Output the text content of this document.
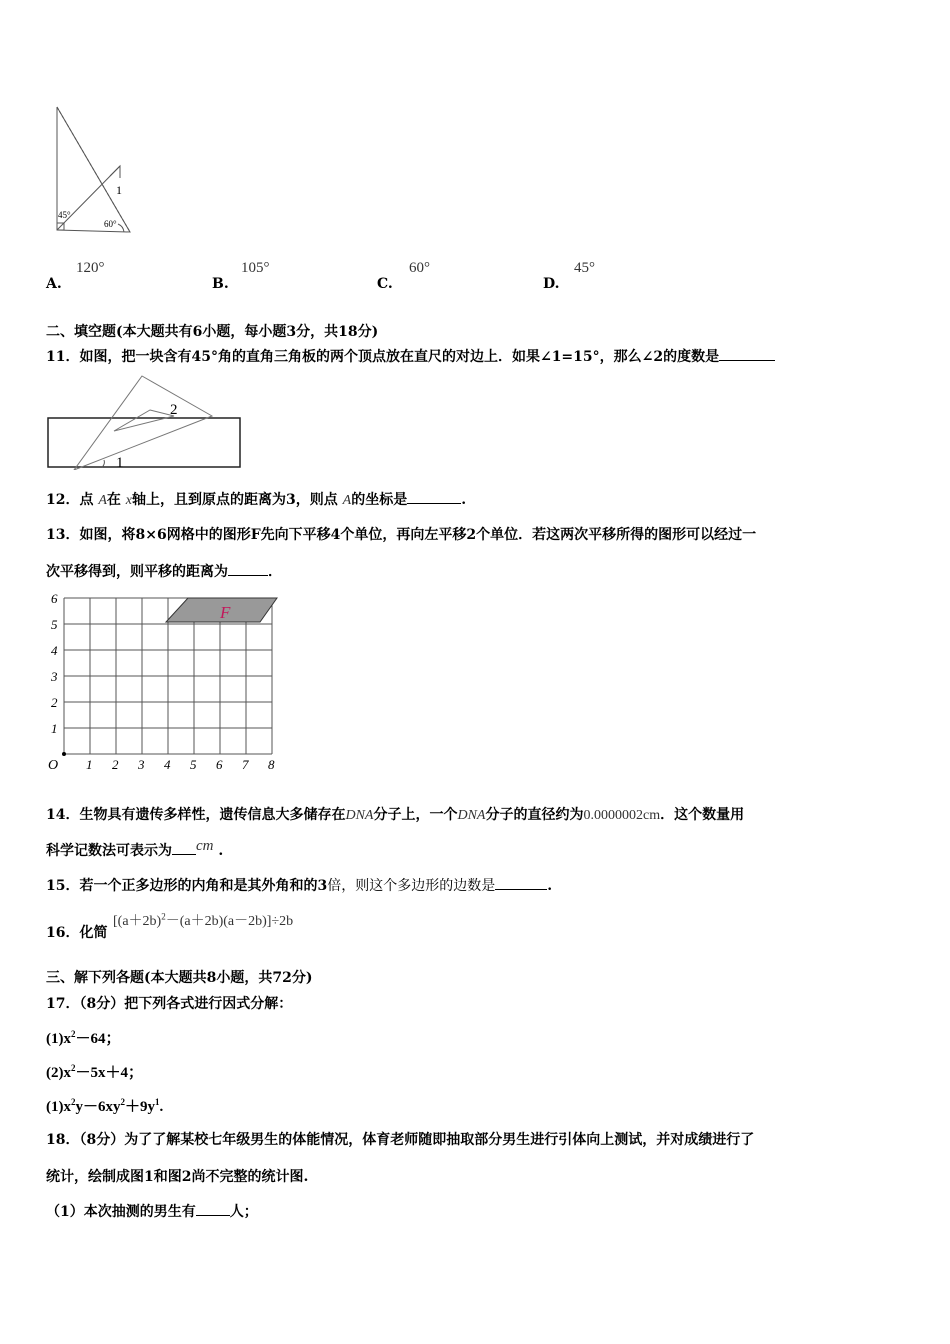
1
45°
60°
A.
120°
B.
105°
C.
60°
D.
45°
二、填空题(本大题共有6小题，每小题3分，共18分)
11．如图，把一块含有45°角的直角三角板的两个顶点放在直尺的对边上．如果∠1=15°，那么∠2的度数是
2
1
12．点 A在 x轴上，且到原点的距离为3，则点 A的坐标是	.
13．如图，将8×6网格中的图形F先向下平移4个单位，再向左平移2个单位．若这两次平移所得的图形可以经过一
次平移得到，则平移的距离为	．
F
O 1 2 3 4 5 6 7 8
1
2
3
4
5
6
14．生物具有遗传多样性，遗传信息大多储存在DNA分子上，一个DNA分子的直径约为0.0000002cm．这个数量用
科学记数法可表示为 cm .
15．若一个正多边形的内角和是其外角和的3倍，则这个多边形的边数是	.
16．化简
$[(a+2b)^2-(a+2b)(a-2b)]\div 2b$
三、解下列各题(本大题共8小题，共72分)
17．（8分）把下列各式进行因式分解：
$(1)x^2-64$；
$(2)x^2-5x+4$；
$(1)x^2y-6xy^2+9y^1$.
18．（8分）为了了解某校七年级男生的体能情况，体育老师随即抽取部分男生进行引体向上测试，并对成绩进行了
统计，绘制成图1和图2尚不完整的统计图.
（1）本次抽测的男生有 人；
